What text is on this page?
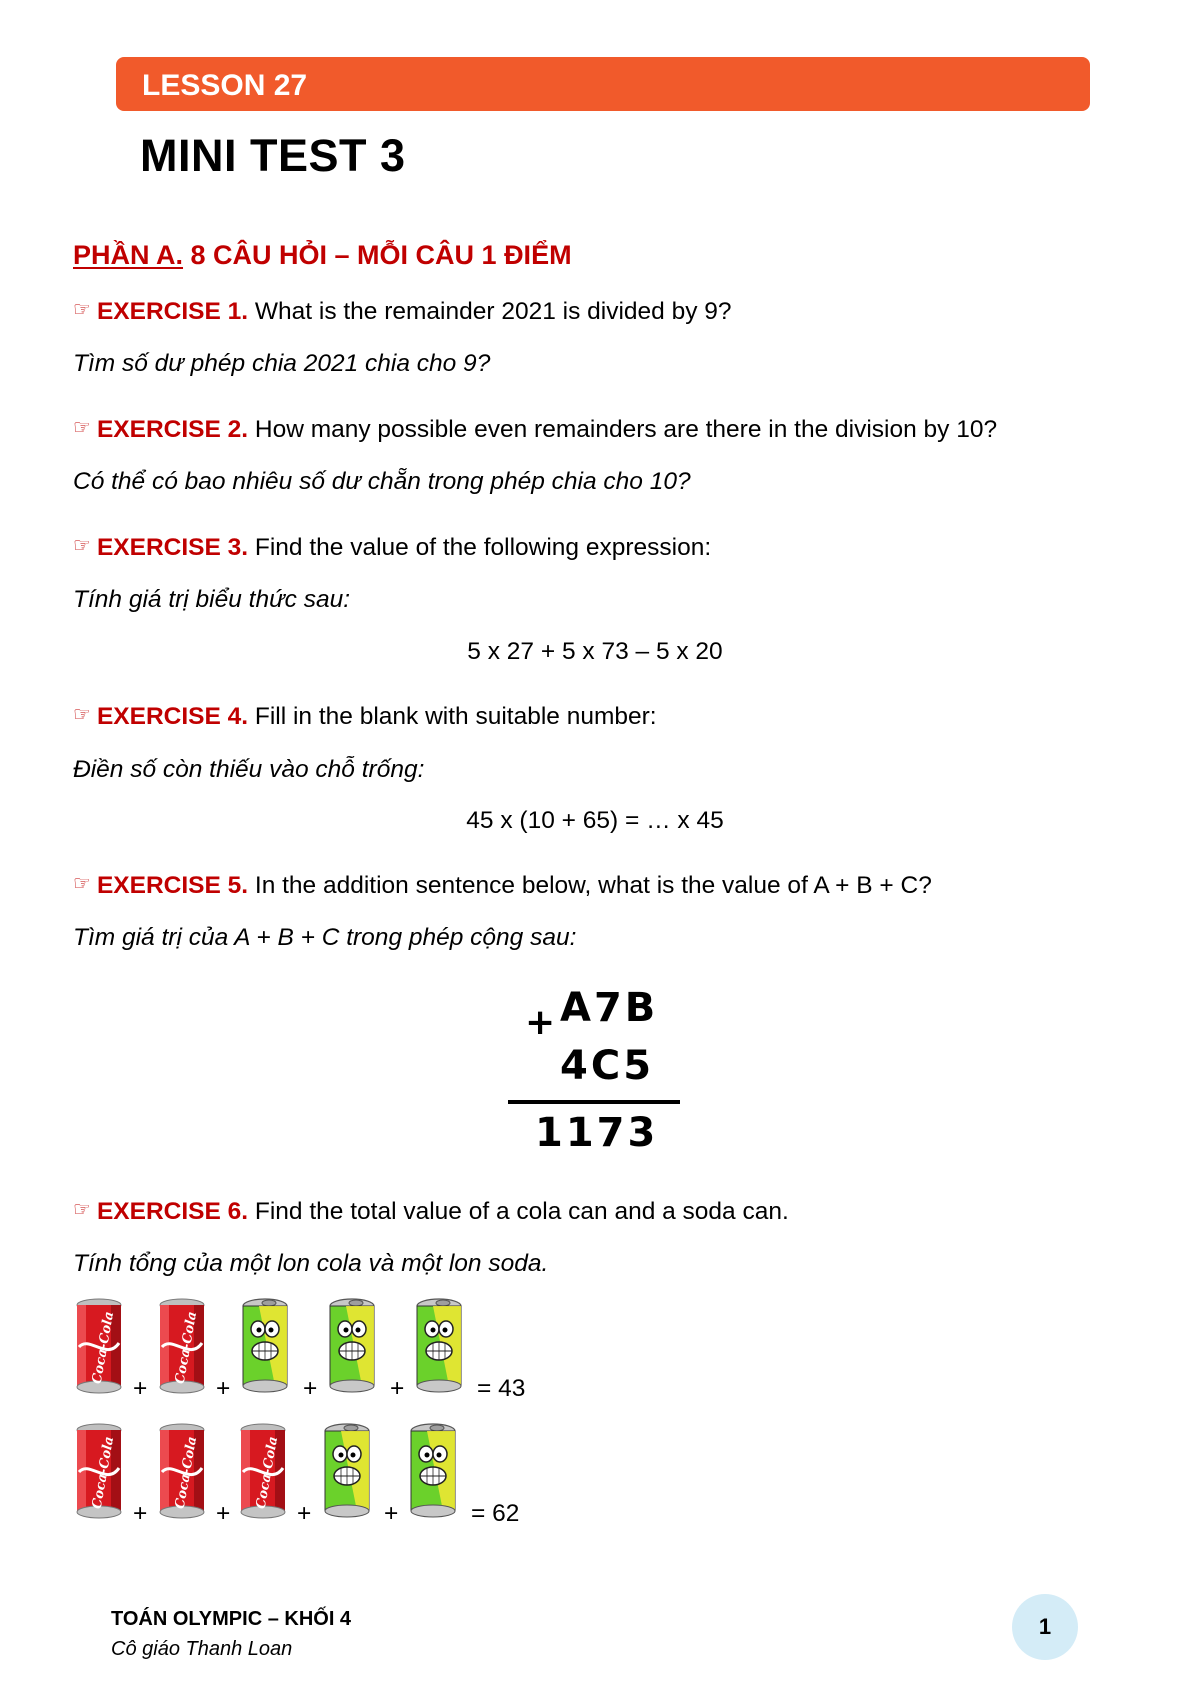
LESSON 27
MINI TEST 3
PHẦN A. 8 CÂU HỎI – MỖI CÂU 1 ĐIỂM
☞ EXERCISE 1. What is the remainder 2021 is divided by 9?
Tìm số dư phép chia 2021 chia cho 9?
☞ EXERCISE 2. How many possible even remainders are there in the division by 10?
Có thể có bao nhiêu số dư chẵn trong phép chia cho 10?
☞ EXERCISE 3. Find the value of the following expression:
Tính giá trị biểu thức sau:
5 x 27 + 5 x 73 – 5 x 20
☞ EXERCISE 4. Fill in the blank with suitable number:
Điền số còn thiếu vào chỗ trống:
45 x (10 + 65) = … x 45
☞ EXERCISE 5. In the addition sentence below, what is the value of A + B + C?
Tìm giá trị của A + B + C trong phép cộng sau:
A7B
+
4C5
1173
☞ EXERCISE 6. Find the total value of a cola can and a soda can.
Tính tổng của một lon cola và một lon soda.
+	+	+	+	= 43
+	+	+	+	= 62
TOÁN OLYMPIC – KHỐI 4
Cô giáo Thanh Loan
1
